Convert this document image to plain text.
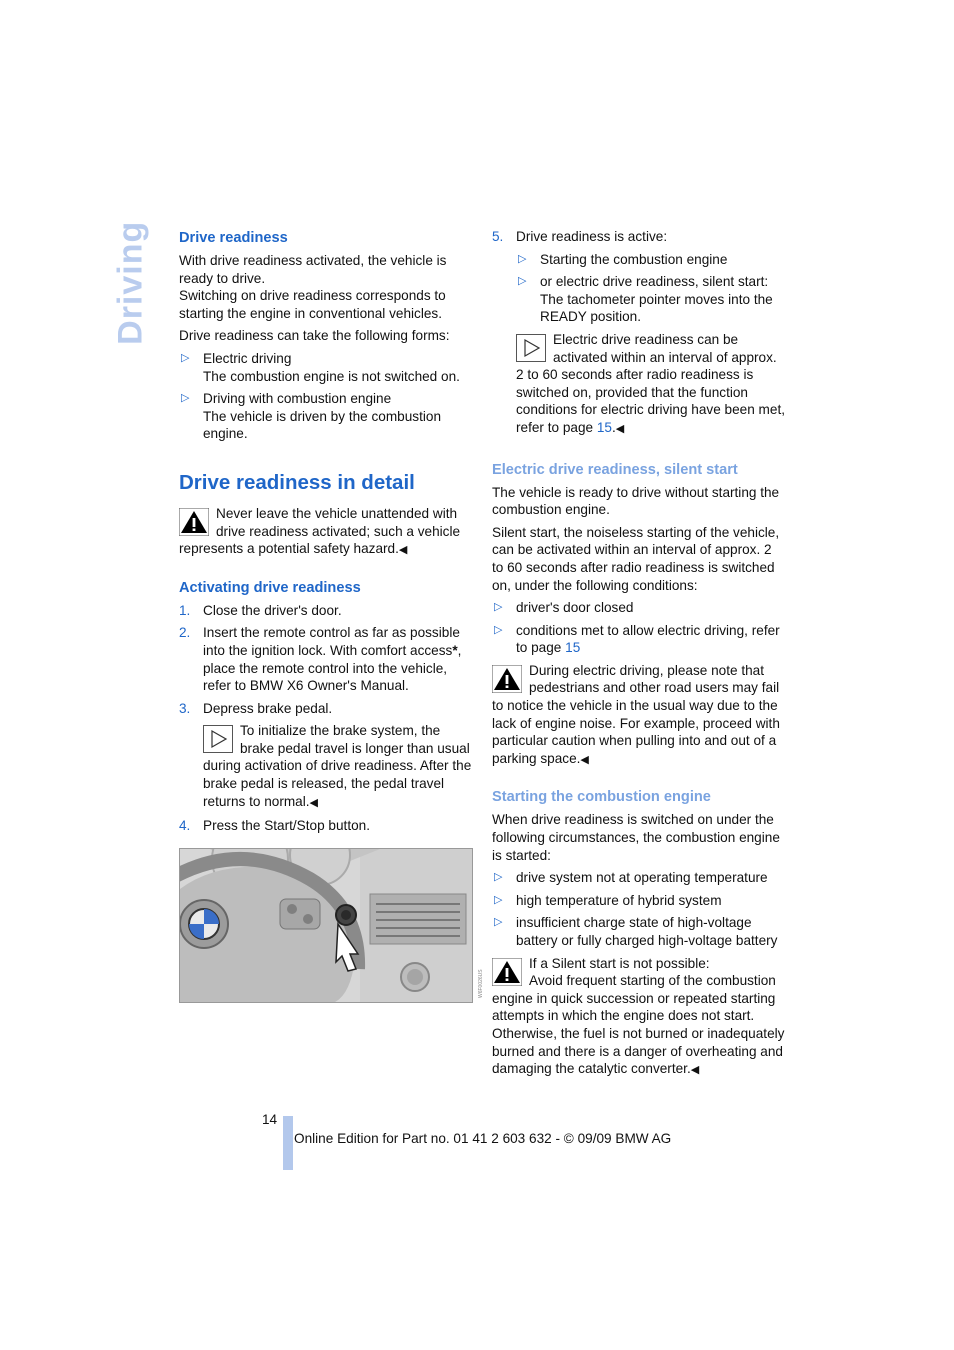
Driving Drive readiness

With drive readiness activated, the vehicle is ready to drive.
Switching on drive readiness corresponds to starting the engine in conventional vehicles.

Drive readiness can take the following forms:

▷ Electric driving
The combustion engine is not switched on.
▷ Driving with combustion engine
The vehicle is driven by the combustion engine.
Drive readiness in detail
Never leave the vehicle unattended with drive readiness activated; such a vehicle represents a potential safety hazard.◀
Activating drive readiness
1. Close the driver's door.
2. Insert the remote control as far as possible into the ignition lock. With comfort access*, place the remote control into the vehicle, refer to BMW X6 Owner's Manual.
3. Depress brake pedal.
To initialize the brake system, the brake pedal travel is longer than usual during activation of drive readiness. After the brake pedal is released, the pedal travel returns to normal.◀
4. Press the Start/Stop button.
W6F0026US
5. Drive readiness is active:
▷ Starting the combustion engine
▷ or electric drive readiness, silent start: The tachometer pointer moves into the READY position.
Electric drive readiness can be activated within an interval of approx. 2 to 60 seconds after radio readiness is switched on, provided that the function conditions for electric driving have been met, refer to page 15.◀
Electric drive readiness, silent start

The vehicle is ready to drive without starting the combustion engine.

Silent start, the noiseless starting of the vehicle, can be activated within an interval of approx. 2 to 60 seconds after radio readiness is switched on, under the following conditions:

▷ driver's door closed
▷ conditions met to allow electric driving, refer to page 15
During electric driving, please note that pedestrians and other road users may fail to notice the vehicle in the usual way due to the lack of engine noise. For example, proceed with particular caution when pulling into and out of a parking space.◀
Starting the combustion engine

When drive readiness is switched on under the following circumstances, the combustion engine is started:

▷ drive system not at operating temperature
▷ high temperature of hybrid system
▷ insufficient charge state of high-voltage battery or fully charged high-voltage battery
If a Silent start is not possible:
Avoid frequent starting of the combustion engine in quick succession or repeated starting attempts in which the engine does not start. Otherwise, the fuel is not burned or inadequately burned and there is a danger of overheating and damaging the catalytic converter.◀
14
Online Edition for Part no. 01 41 2 603 632 - © 09/09 BMW AG
